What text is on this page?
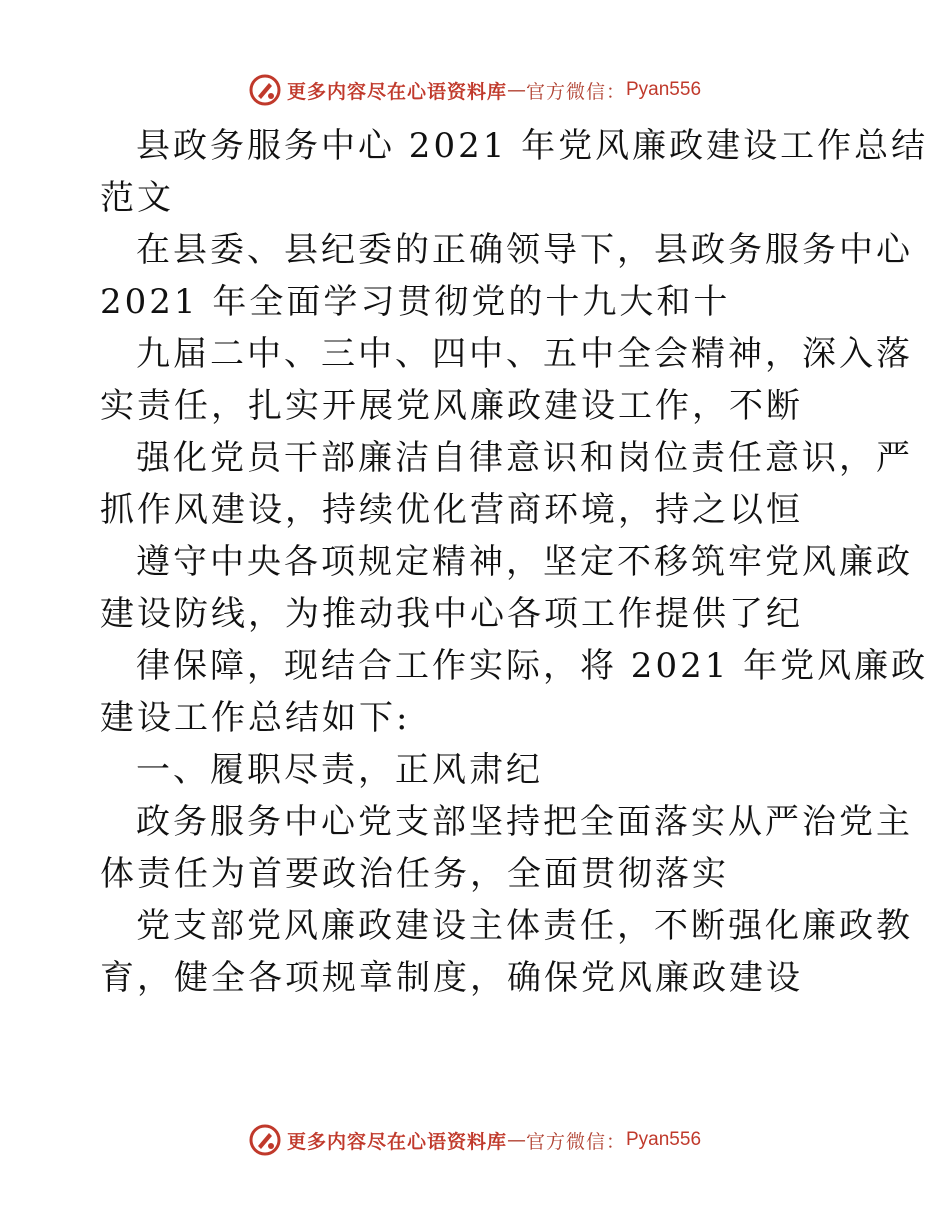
更多内容尽在心语资料库 — 官方微信： Pyan556
县政务服务中心 2021 年党风廉政建设工作总结
范文
在县委、县纪委的正确领导下，县政务服务中心
2021 年全面学习贯彻党的十九大和十
九届二中、三中、四中、五中全会精神，深入落
实责任，扎实开展党风廉政建设工作，不断
强化党员干部廉洁自律意识和岗位责任意识，严
抓作风建设，持续优化营商环境，持之以恒
遵守中央各项规定精神，坚定不移筑牢党风廉政
建设防线，为推动我中心各项工作提供了纪
律保障，现结合工作实际，将 2021 年党风廉政
建设工作总结如下:
一、履职尽责，正风肃纪
政务服务中心党支部坚持把全面落实从严治党主
体责任为首要政治任务，全面贯彻落实
党支部党风廉政建设主体责任，不断强化廉政教
育，健全各项规章制度，确保党风廉政建设
更多内容尽在心语资料库 — 官方微信： Pyan556
